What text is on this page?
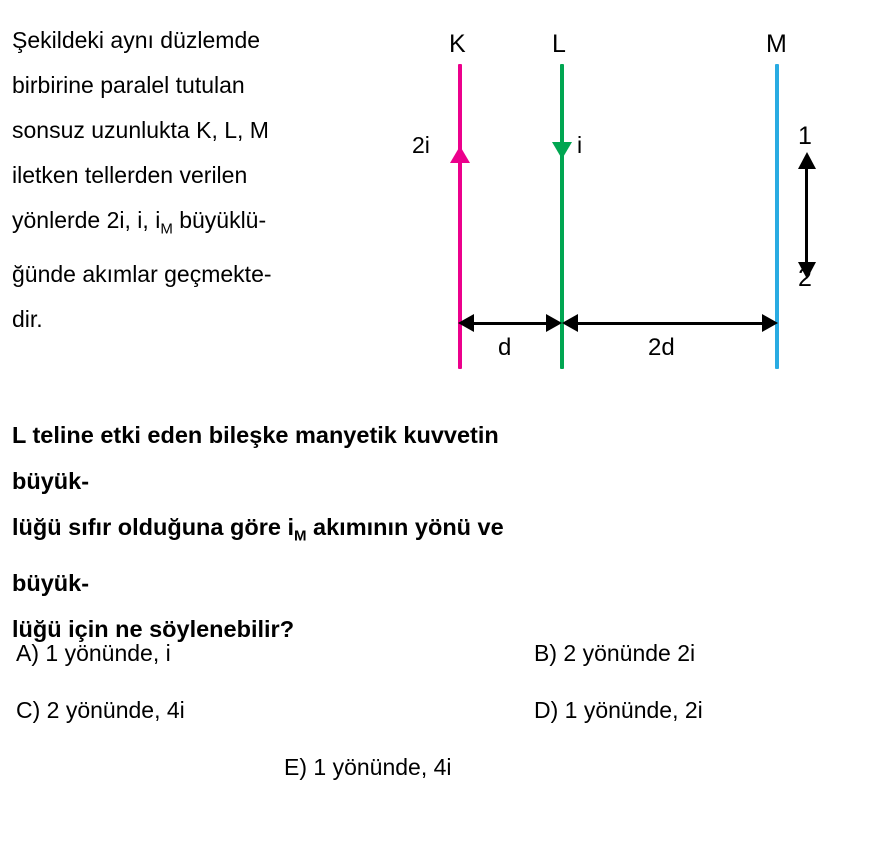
Şekildeki aynı düzlemde
birbirine paralel tutulan
sonsuz uzunlukta K, L, M
iletken tellerden verilen
yönlerde 2i, i, $i_M$ büyüklü-
ğünde akımlar geçmekte-
dir.
K	L	M
2i	i	1
2
d	2d
L teline etki eden bileşke manyetik kuvvetin büyük-
lüğü sıfır olduğuna göre $i_M$ akımının yönü ve büyük-
lüğü için ne söylenebilir?
A) 1 yönünde, i	B) 2 yönünde 2i
C) 2 yönünde, 4i	D) 1 yönünde, 2i
E) 1 yönünde, 4i
